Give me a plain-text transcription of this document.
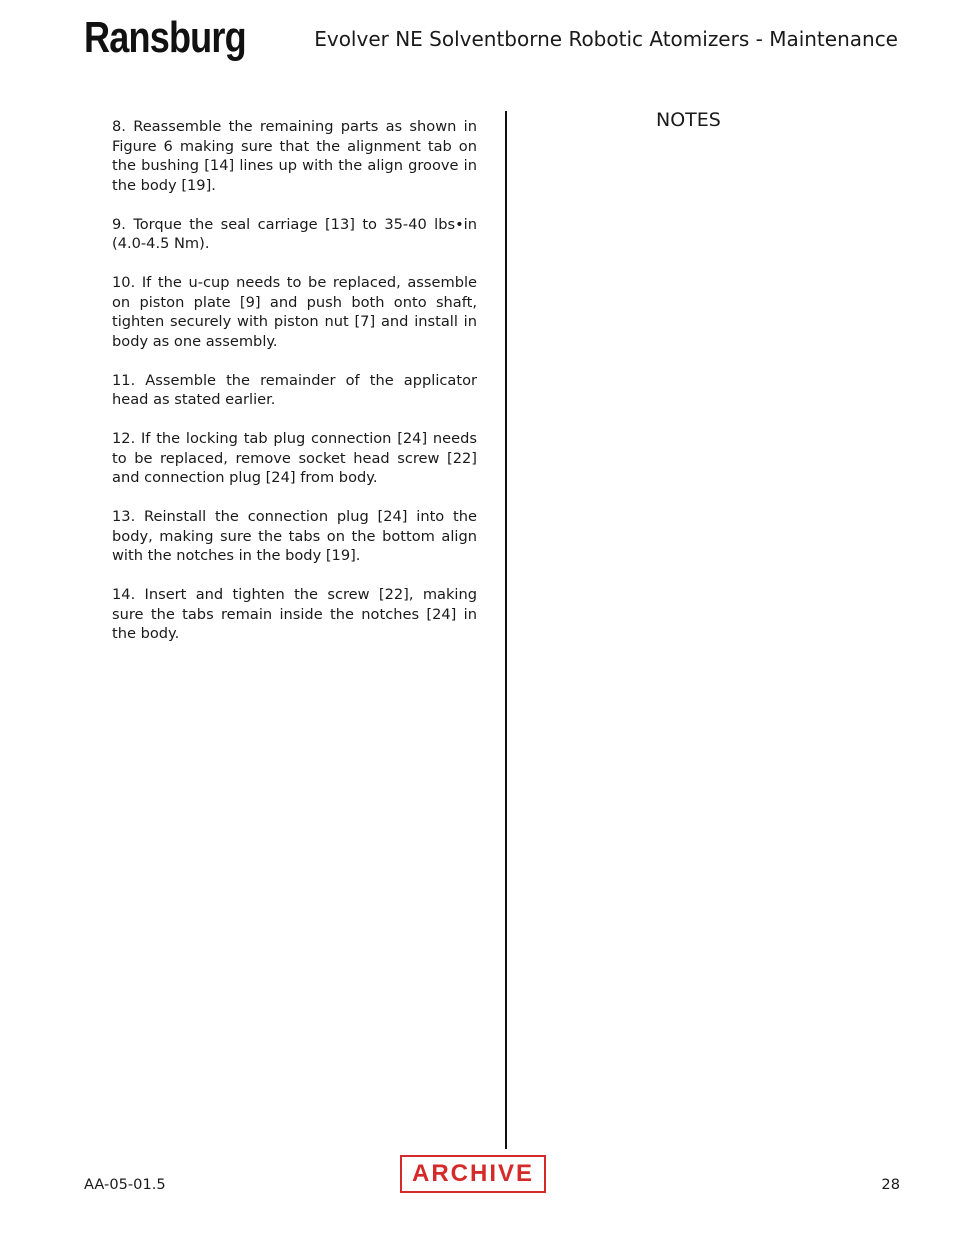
Ransburg	Evolver NE Solventborne Robotic Atomizers - Maintenance

8. Reassemble the remaining parts as shown in Figure 6 making sure that the alignment tab on the bushing [14] lines up with the align groove in the body [19].

9. Torque the seal carriage [13] to 35-40 lbs•in (4.0-4.5 Nm).

10. If the u-cup needs to be replaced, assemble on piston plate [9] and push both onto shaft, tighten securely with piston nut [7] and install in body as one assembly.

11. Assemble the remainder of the applicator head as stated earlier.

12. If the locking tab plug connection [24] needs to be replaced, remove socket head screw [22] and connection plug [24] from body.

13. Reinstall the connection plug [24] into the body, making sure the tabs on the bottom align with the notches in the body [19].

14. Insert and tighten the screw [22], making sure the tabs remain inside the notches [24] in the body.

NOTES
AA-05-01.5	ARCHIVE	28
